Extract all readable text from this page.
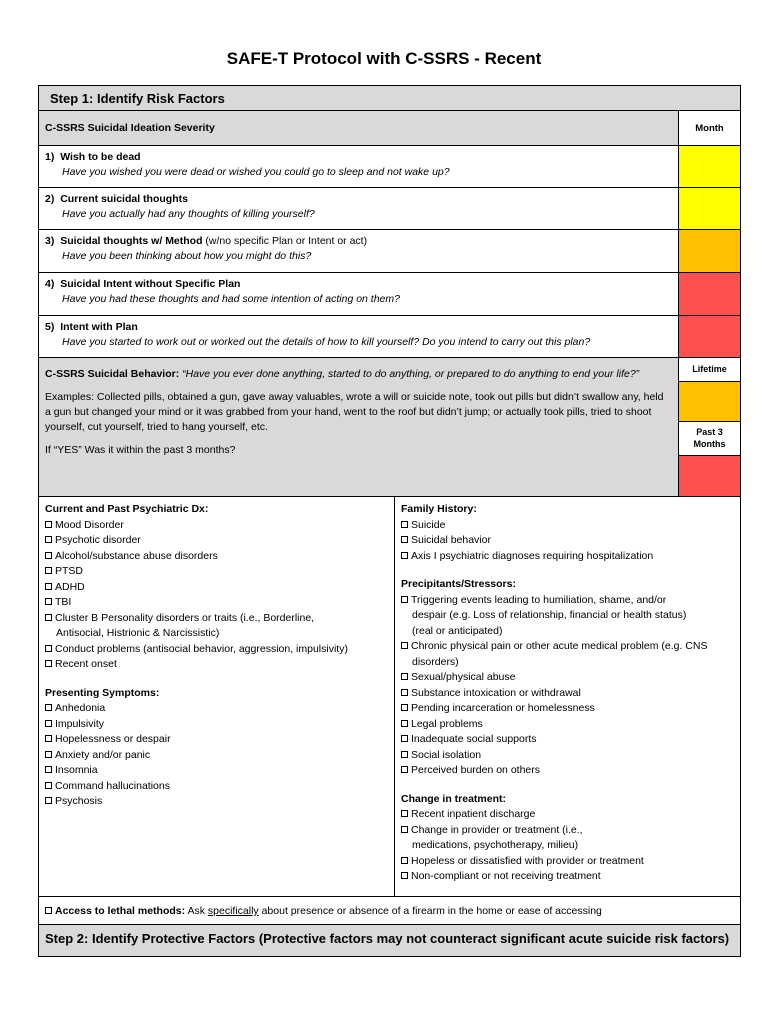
SAFE-T Protocol with C-SSRS - Recent
Step 1: Identify Risk Factors
C-SSRS Suicidal Ideation Severity	Month
1) Wish to be dead
Have you wished you were dead or wished you could go to sleep and not wake up?
2) Current suicidal thoughts
Have you actually had any thoughts of killing yourself?
3) Suicidal thoughts w/ Method (w/no specific Plan or Intent or act)
Have you been thinking about how you might do this?
4) Suicidal Intent without Specific Plan
Have you had these thoughts and had some intention of acting on them?
5) Intent with Plan
Have you started to work out or worked out the details of how to kill yourself? Do you intend to carry out this plan?

C-SSRS Suicidal Behavior: “Have you ever done anything, started to do anything, or prepared to do anything to end your life?”

Examples: Collected pills, obtained a gun, gave away valuables, wrote a will or suicide note, took out pills but didn’t swallow any, held a gun but changed your mind or it was grabbed from your hand, went to the roof but didn’t jump; or actually took pills, tried to shoot yourself, cut yourself, tried to hang yourself, etc.

If “YES” Was it within the past 3 months?

Lifetime
Past 3
Months
Current and Past Psychiatric Dx:
Mood Disorder
Psychotic disorder
Alcohol/substance abuse disorders
PTSD
ADHD
TBI
Cluster B Personality disorders or traits (i.e., Borderline,
Antisocial, Histrionic & Narcissistic)
Conduct problems (antisocial behavior, aggression, impulsivity)
Recent onset
Presenting Symptoms:
Anhedonia
Impulsivity
Hopelessness or despair
Anxiety and/or panic
Insomnia
Command hallucinations
Psychosis
Family History:
Suicide
Suicidal behavior
Axis I psychiatric diagnoses requiring hospitalization
Precipitants/Stressors:
Triggering events leading to humiliation, shame, and/or
despair (e.g. Loss of relationship, financial or health status)
(real or anticipated)
Chronic physical pain or other acute medical problem (e.g. CNS
disorders)
Sexual/physical abuse
Substance intoxication or withdrawal
Pending incarceration or homelessness
Legal problems
Inadequate social supports
Social isolation
Perceived burden on others
Change in treatment:
Recent inpatient discharge
Change in provider or treatment (i.e.,
medications, psychotherapy, milieu)
Hopeless or dissatisfied with provider or treatment
Non-compliant or not receiving treatment
Access to lethal methods: Ask specifically about presence or absence of a firearm in the home or ease of accessing
Step 2: Identify Protective Factors (Protective factors may not counteract significant acute suicide risk factors)
